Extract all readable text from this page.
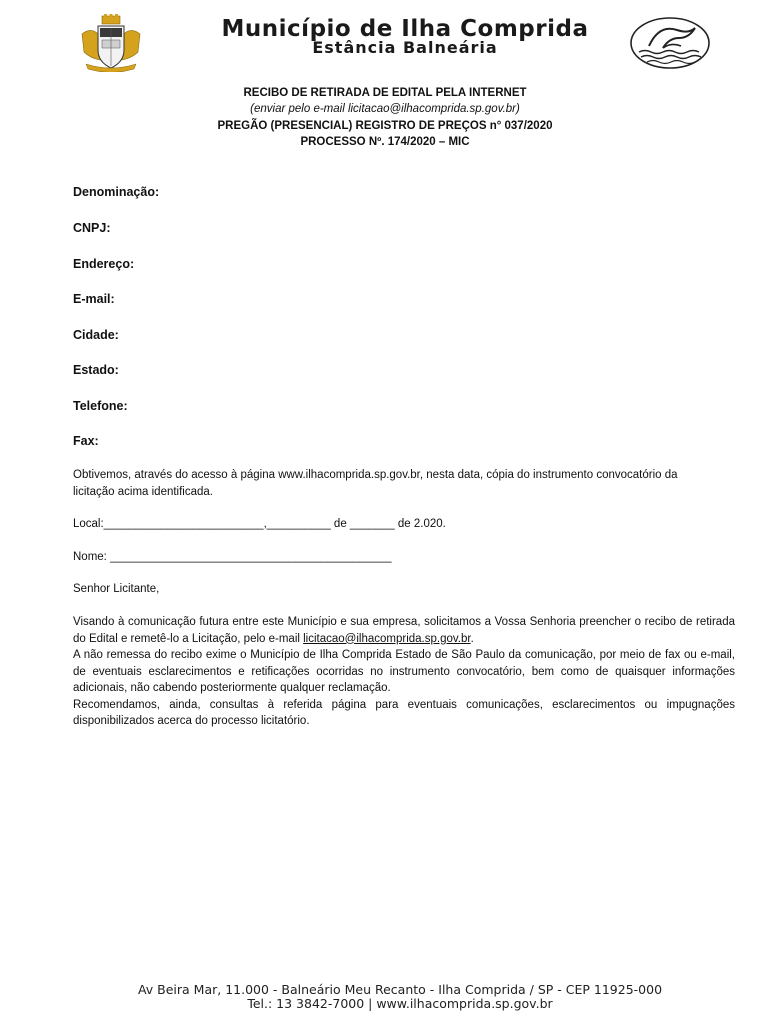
Município de Ilha Comprida
Estância Balneária
RECIBO DE RETIRADA DE EDITAL PELA INTERNET
(enviar pelo e-mail licitacao@ilhacomprida.sp.gov.br)
PREGÃO (PRESENCIAL) REGISTRO DE PREÇOS n° 037/2020
PROCESSO Nº. 174/2020 – MIC
Denominação:
CNPJ:
Endereço:
E-mail:
Cidade:
Estado:
Telefone:
Fax:
Obtivemos, através do acesso à página www.ilhacomprida.sp.gov.br, nesta data, cópia do instrumento convocatório da licitação acima identificada.
Local:_________________________,__________ de _______ de 2.020.
Nome: ____________________________________________
Senhor Licitante,
Visando à comunicação futura entre este Município e sua empresa, solicitamos a Vossa Senhoria preencher o recibo de retirada do Edital e remetê-lo a Licitação, pelo e-mail licitacao@ilhacomprida.sp.gov.br.
A não remessa do recibo exime o Município de Ilha Comprida Estado de São Paulo da comunicação, por meio de fax ou e-mail, de eventuais esclarecimentos e retificações ocorridas no instrumento convocatório, bem como de quaisquer informações adicionais, não cabendo posteriormente qualquer reclamação.
Recomendamos, ainda, consultas à referida página para eventuais comunicações, esclarecimentos ou impugnações disponibilizados acerca do processo licitatório.
Av Beira Mar, 11.000 - Balneário Meu Recanto - Ilha Comprida / SP - CEP 11925-000
Tel.: 13 3842-7000 | www.ilhacomprida.sp.gov.br
